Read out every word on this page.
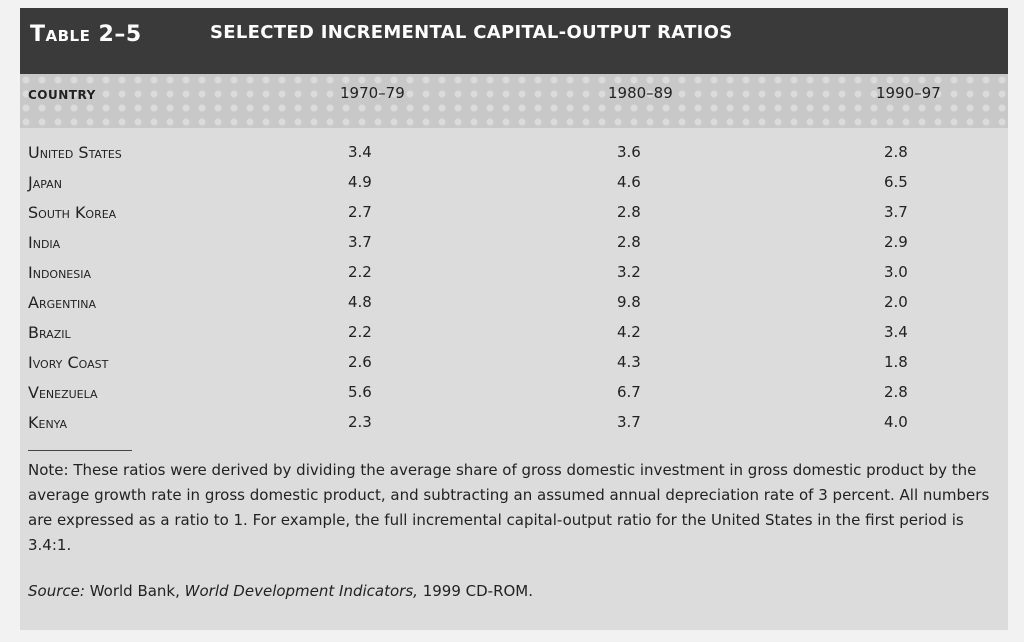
Table 2–5	SELECTED INCREMENTAL CAPITAL-OUTPUT RATIOS
COUNTRY	1970–79	1980–89	1990–97
United States	3.4	3.6	2.8
Japan	4.9	4.6	6.5
South Korea	2.7	2.8	3.7
India	3.7	2.8	2.9
Indonesia	2.2	3.2	3.0
Argentina	4.8	9.8	2.0
Brazil	2.2	4.2	3.4
Ivory Coast	2.6	4.3	1.8
Venezuela	5.6	6.7	2.8
Kenya	2.3	3.7	4.0
Note: These ratios were derived by dividing the average share of gross domestic investment in gross domestic product by the average growth rate in gross domestic product, and subtracting an assumed annual depreciation rate of 3 percent. All numbers are expressed as a ratio to 1. For example, the full incremental capital-output ratio for the United States in the first period is 3.4:1.
Source: World Bank, World Development Indicators, 1999 CD-ROM.
